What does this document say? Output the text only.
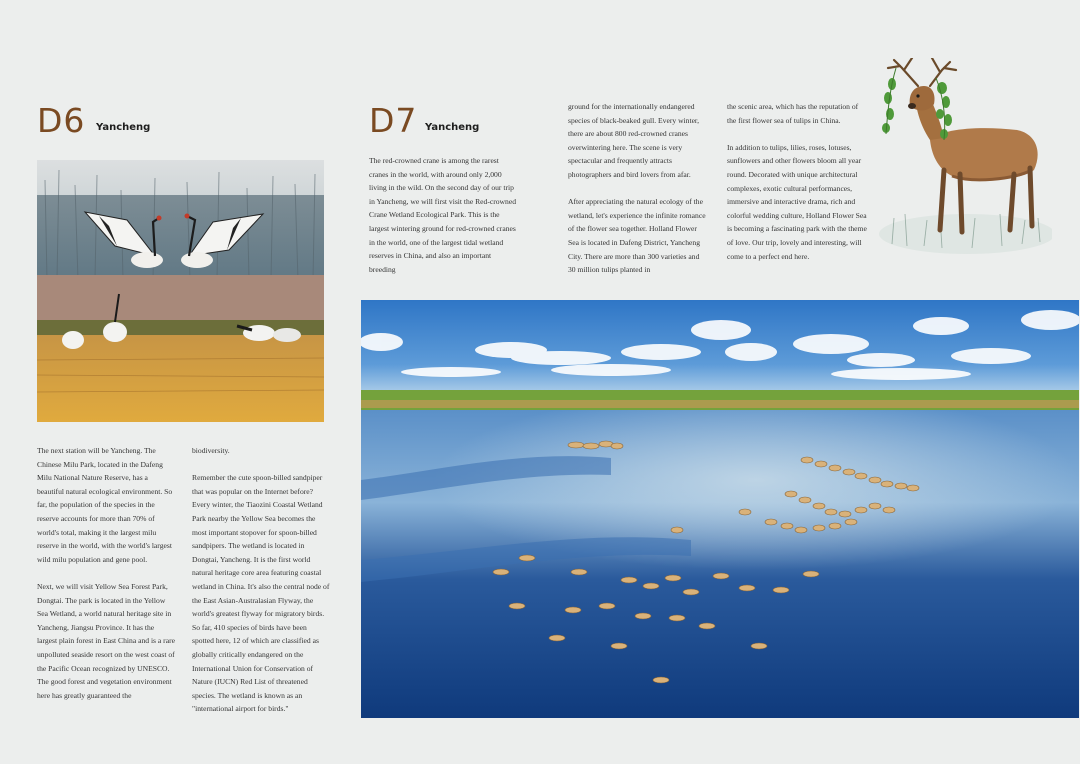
D6 Yancheng

The next station will be Yancheng. The Chinese Milu Park, located in the Dafeng Milu National Nature Reserve, has a beautiful natural ecological environment. So far, the population of the species in the reserve accounts for more than 70% of world's total, making it the largest milu reserve in the world, with the world's largest wild milu population and gene pool.

Next, we will visit Yellow Sea Forest Park, Dongtai. The park is located in the Yellow Sea Wetland, a world natural heritage site in Yancheng, Jiangsu Province. It has the largest plain forest in East China and is a rare unpolluted seaside resort on the west coast of the Pacific Ocean recognized by UNESCO. The good forest and vegetation environment here has greatly guaranteed the

biodiversity.

Remember the cute spoon-billed sandpiper that was popular on the Internet before? Every winter, the Tiaozini Coastal Wetland Park nearby the Yellow Sea becomes the most important stopover for spoon-billed sandpipers. The wetland is located in Dongtai, Yancheng. It is the first world natural heritage core area featuring coastal wetland in China. It's also the central node of the East Asian-Australasian Flyway, the world's greatest flyway for migratory birds. So far, 410 species of birds have been spotted here, 12 of which are classified as globally critically endangered on the International Union for Conservation of Nature (IUCN) Red List of threatened species. The wetland is known as an "international airport for birds."

D7 Yancheng

The red-crowned crane is among the rarest cranes in the world, with around only 2,000 living in the wild. On the second day of our trip in Yancheng, we will first visit the Red-crowned Crane Wetland Ecological Park. This is the largest wintering ground for red-crowned cranes in the world, one of the largest tidal wetland reserves in China, and also an important breeding

ground for the internationally endangered species of black-beaked gull. Every winter, there are about 800 red-crowned cranes overwintering here. The scene is very spectacular and frequently attracts photographers and bird lovers from afar.

After appreciating the natural ecology of the wetland, let's experience the infinite romance of the flower sea together. Holland Flower Sea is located in Dafeng District, Yancheng City. There are more than 300 varieties and 30 million tulips planted in

the scenic area, which has the reputation of the first flower sea of tulips in China.

In addition to tulips, lilies, roses, lotuses, sunflowers and other flowers bloom all year round. Decorated with unique architectural complexes, exotic cultural performances, immersive and interactive drama, rich and colorful wedding culture, Holland Flower Sea is becoming a fascinating park with the theme of love. Our trip, lovely and interesting, will come to a perfect end here.
